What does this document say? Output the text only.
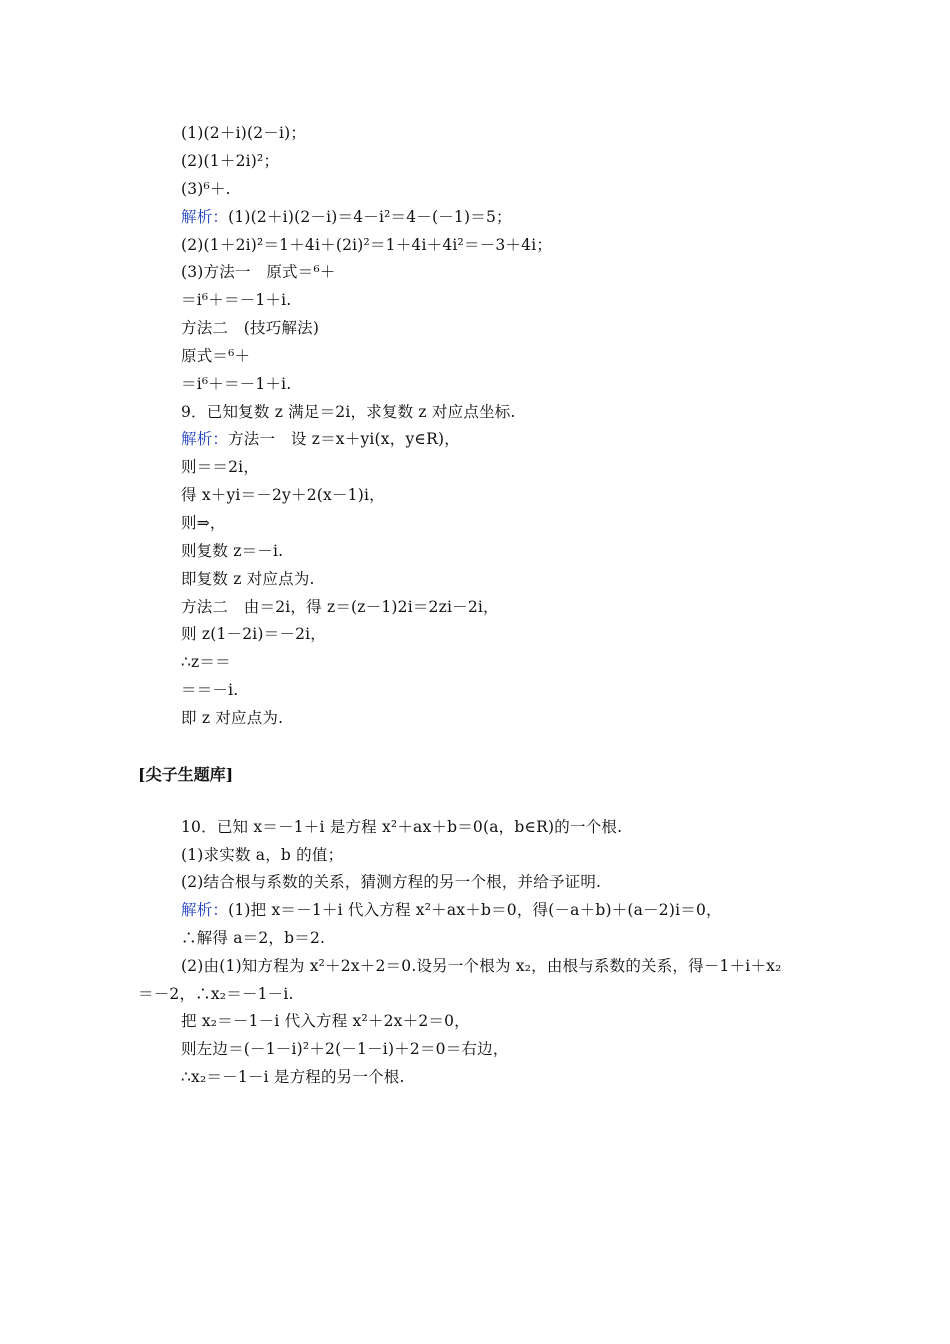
(1)(2＋i)(2－i)；
(2)(1＋2i)²；
(3)⁶＋.
解析：(1)(2＋i)(2－i)＝4－i²＝4－(－1)＝5；
(2)(1＋2i)²＝1＋4i＋(2i)²＝1＋4i＋4i²＝－3＋4i；
(3)方法一　原式＝⁶＋
＝i⁶＋＝－1＋i.
方法二　(技巧解法)
原式＝⁶＋
＝i⁶＋＝－1＋i.
9．已知复数 z 满足＝2i，求复数 z 对应点坐标.
解析：方法一　设 z＝x＋yi(x，y∈R)，
则＝＝2i，
得 x＋yi＝－2y＋2(x－1)i，
则⇒，
则复数 z＝－i.
即复数 z 对应点为.
方法二　由＝2i，得 z＝(z－1)2i＝2zi－2i，
则 z(1－2i)＝－2i，
∴z＝＝
＝＝－i.
即 z 对应点为.
[尖子生题库]
10．已知 x＝－1＋i 是方程 x²＋ax＋b＝0(a，b∈R)的一个根.
(1)求实数 a，b 的值；
(2)结合根与系数的关系，猜测方程的另一个根，并给予证明.
解析：(1)把 x＝－1＋i 代入方程 x²＋ax＋b＝0，得(－a＋b)＋(a－2)i＝0，
∴解得 a＝2，b＝2.
(2)由(1)知方程为 x²＋2x＋2＝0.设另一个根为 x₂，由根与系数的关系，得－1＋i＋x₂
＝－2，∴x₂＝－1－i.
把 x₂＝－1－i 代入方程 x²＋2x＋2＝0，
则左边＝(－1－i)²＋2(－1－i)＋2＝0＝右边，
∴x₂＝－1－i 是方程的另一个根.
